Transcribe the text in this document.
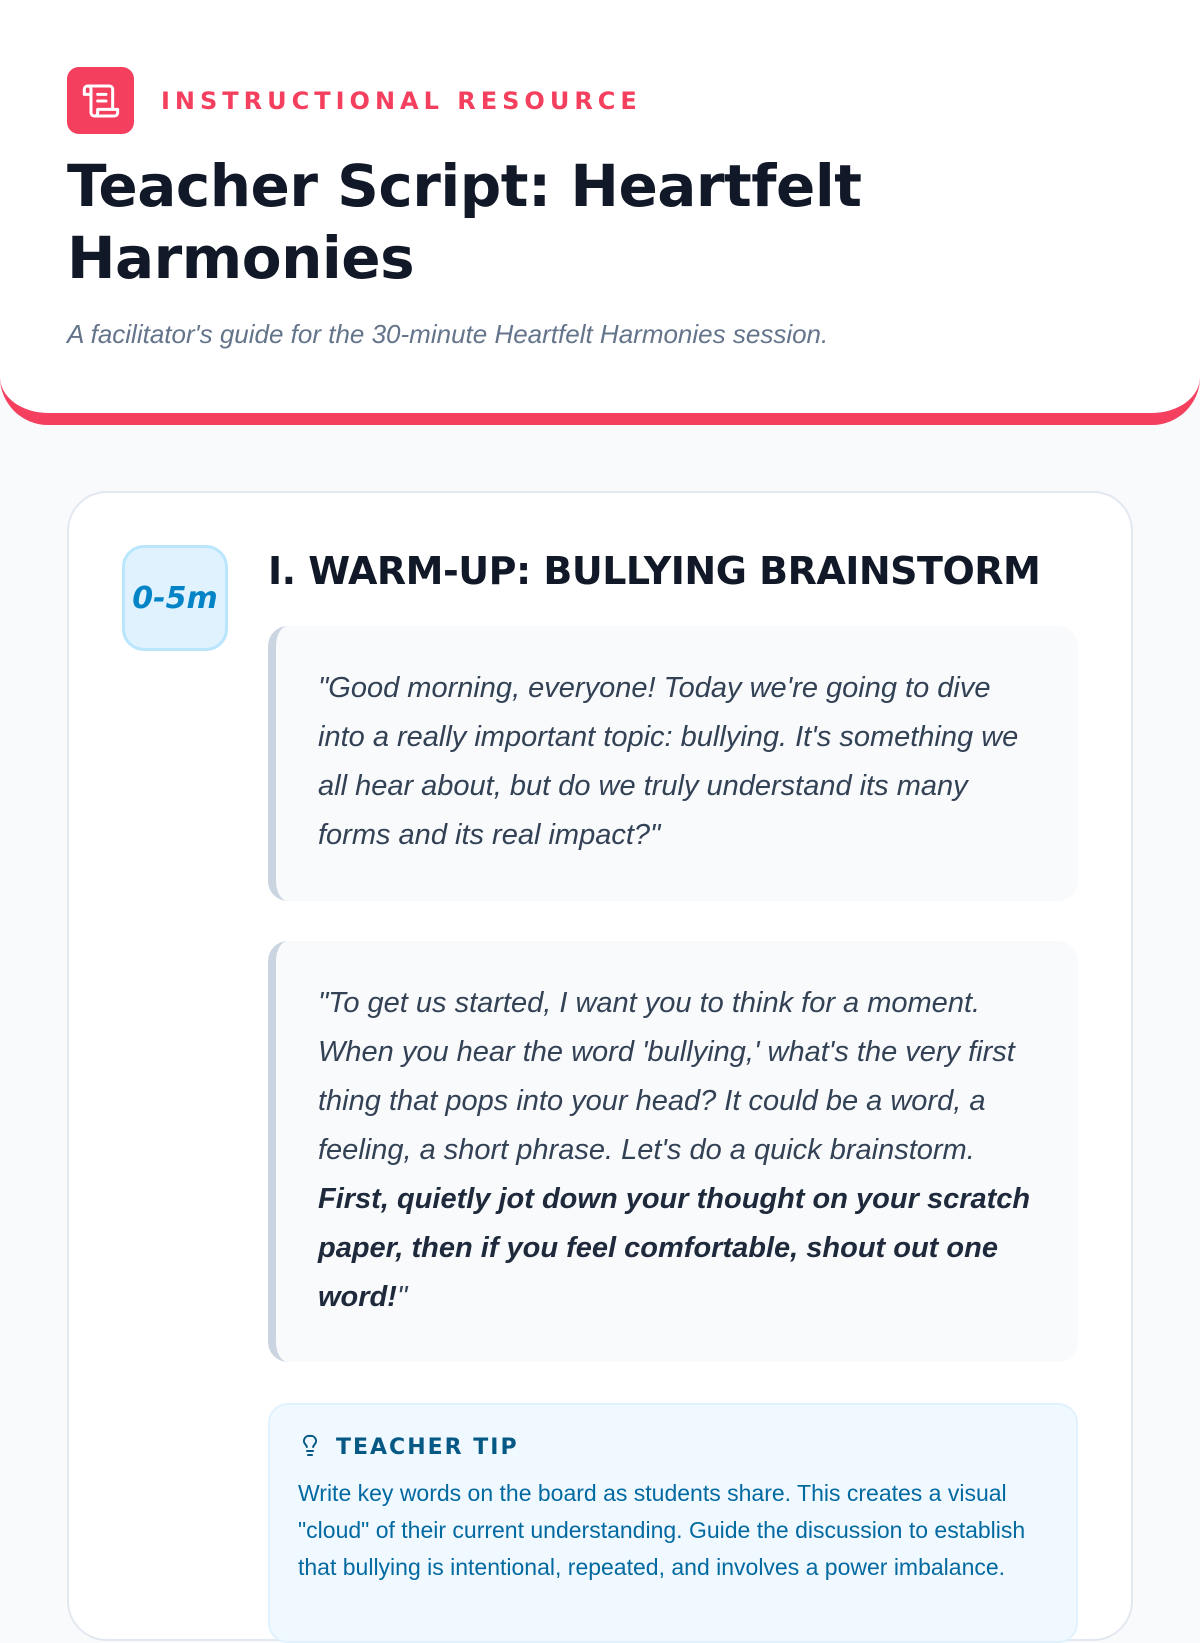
INSTRUCTIONAL RESOURCE
Teacher Script: Heartfelt Harmonies

A facilitator's guide for the 30-minute Heartfelt Harmonies session.

0-5m
I. WARM-UP: BULLYING BRAINSTORM
"Good morning, everyone! Today we're going to dive into a really important topic: bullying. It's something we all hear about, but do we truly understand its many forms and its real impact?"
"To get us started, I want you to think for a moment. When you hear the word 'bullying,' what's the very first thing that pops into your head? It could be a word, a feeling, a short phrase. Let's do a quick brainstorm. First, quietly jot down your thought on your scratch paper, then if you feel comfortable, shout out one word!"
TEACHER TIP
Write key words on the board as students share. This creates a visual "cloud" of their current understanding. Guide the discussion to establish that bullying is intentional, repeated, and involves a power imbalance.
